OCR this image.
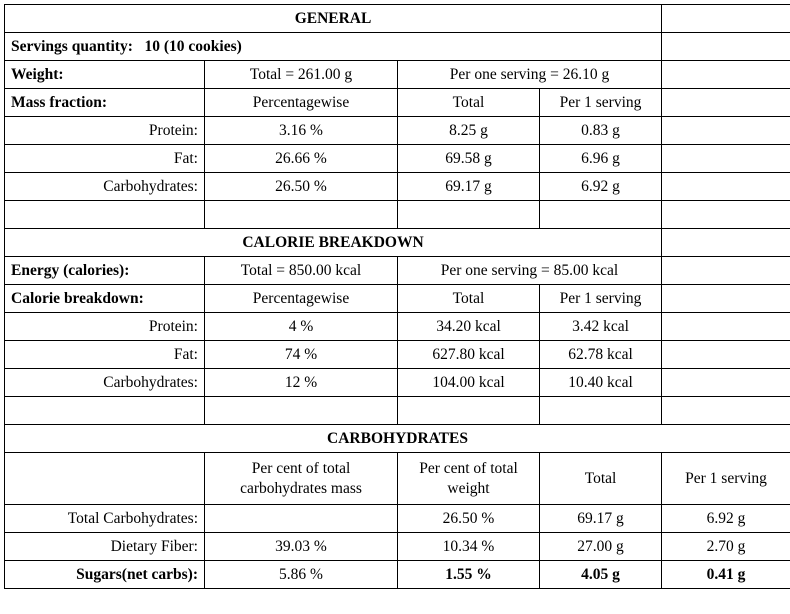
GENERAL				
Servings quantity: 10 (10 cookies)				
Weight:	Total = 261.00 g	Per one serving = 26.10 g		
Mass fraction:	Percentagewise	Total	Per 1 serving	
Protein:	3.16 %	8.25 g	0.83 g	
Fat:	26.66 %	69.58 g	6.96 g	
Carbohydrates:	26.50 %	69.17 g	6.92 g	

CALORIE BREAKDOWN				
Energy (calories):	Total = 850.00 kcal	Per one serving = 85.00 kcal		
Calorie breakdown:	Percentagewise	Total	Per 1 serving	
Protein:	4 %	34.20 kcal	3.42 kcal	
Fat:	74 %	627.80 kcal	62.78 kcal	
Carbohydrates:	12 %	104.00 kcal	10.40 kcal	

CARBOHYDRATES				
	Per cent of total carbohydrates mass	Per cent of total weight	Total	Per 1 serving
Total Carbohydrates:		26.50 %	69.17 g	6.92 g
Dietary Fiber:	39.03 %	10.34 %	27.00 g	2.70 g
Sugars(net carbs):	5.86 %	1.55 %	4.05 g	0.41 g
